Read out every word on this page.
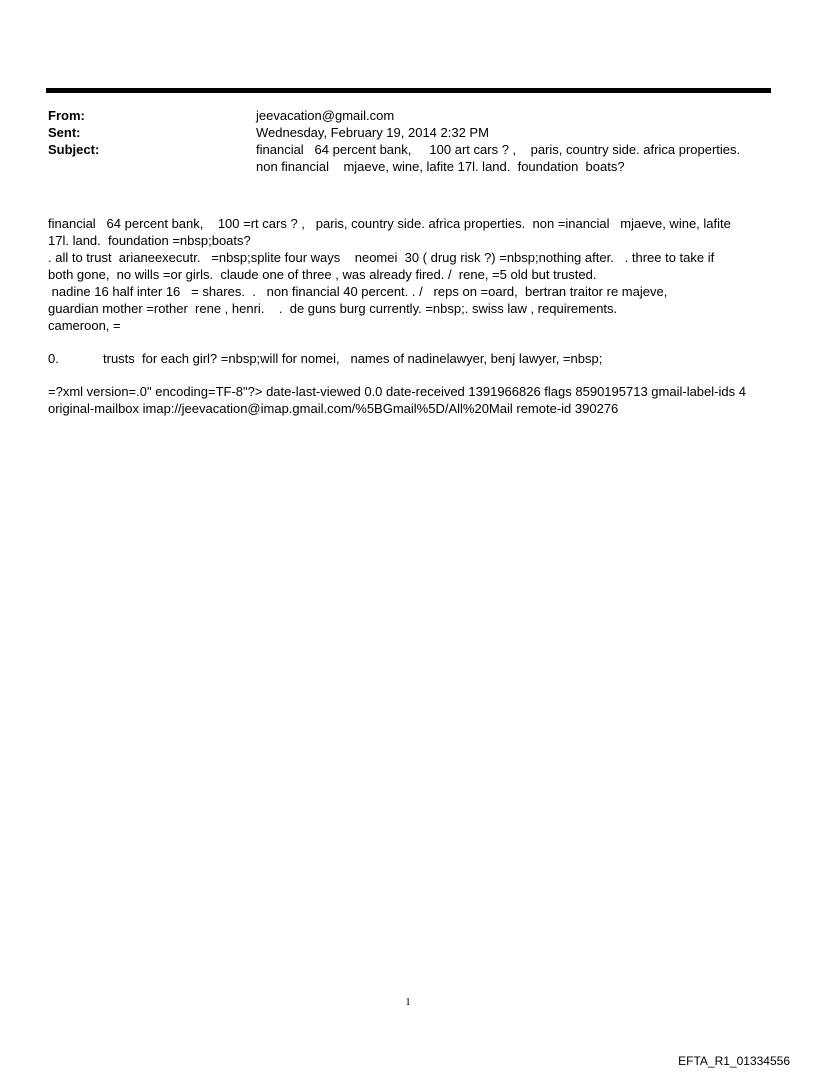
From:	jeevacation@gmail.com
Sent:	Wednesday, February 19, 2014 2:32 PM
Subject:	financial   64 percent bank,     100 art cars ? ,    paris, country side. africa properties.
non financial    mjaeve, wine, lafite 17l. land.  foundation  boats?

financial   64 percent bank,    100 =rt cars ? ,   paris, country side. africa properties.  non =inancial   mjaeve, wine, lafite

17l. land.  foundation =nbsp;boats?

. all to trust  arianeexecutr.   =nbsp;splite four ways    neomei  30 ( drug risk ?) =nbsp;nothing after.   . three to take if

both gone,  no wills =or girls.  claude one of three , was already fired. /  rene, =5 old but trusted.

nadine 16 half inter 16   = shares.  .   non financial 40 percent. . /   reps on =oard,  bertran traitor re majeve,

guardian mother =rother  rene , henri.    .  de guns burg currently. =nbsp;. swiss law , requirements.

cameroon, =

0.	trusts  for each girl? =nbsp;will for nomei,   names of nadinelawyer, benj lawyer, =nbsp;

=?xml version=.0" encoding=TF-8"?> date-last-viewed 0.0 date-received 1391966826 flags 8590195713 gmail-label-ids 4

original-mailbox imap://jeevacation@imap.gmail.com/%5BGmail%5D/All%20Mail remote-id 390276

1
EFTA_R1_01334556
